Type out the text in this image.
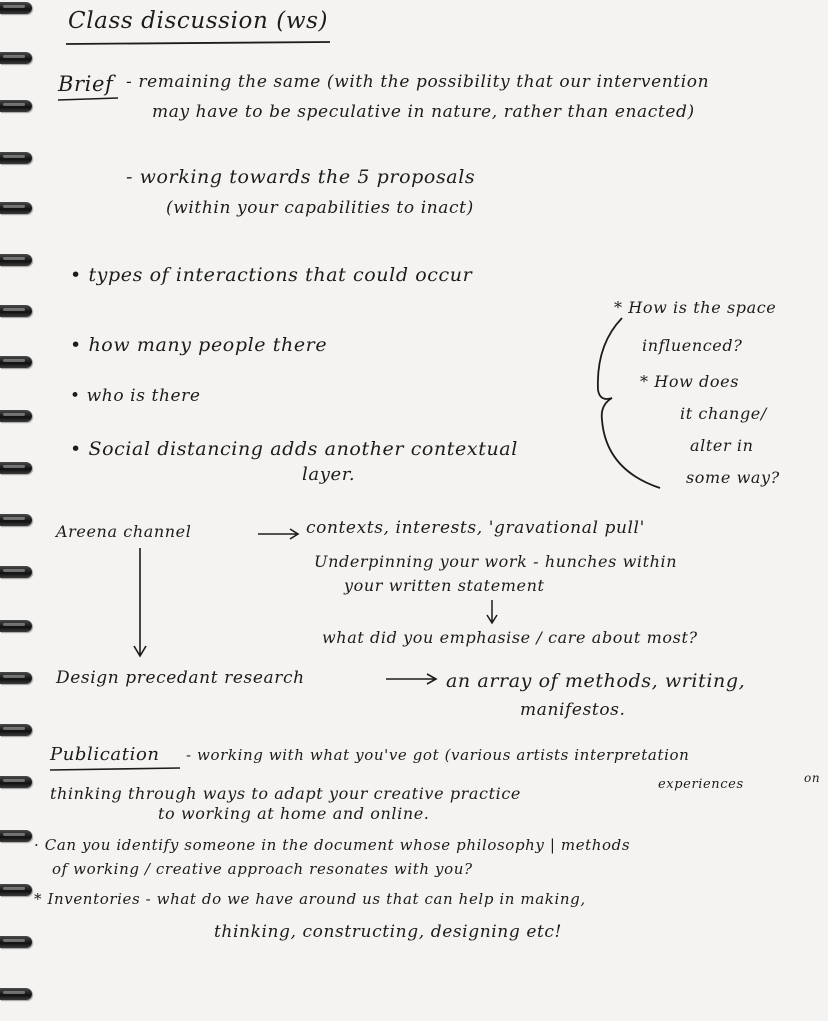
Class discussion (ws)
Brief - remaining the same (with the possibility that our intervention
may have to be speculative in nature, rather than enacted)
- working towards the 5 proposals
(within your capabilities to inact)
• types of interactions that could occur
• how many people there
• who is there
• Social distancing adds another contextual
layer.
* How is the space
influenced?
* How does
it change/
alter in
some way?
Areena channel	contexts, interests, 'gravational pull'
Underpinning your work - hunches within
your written statement
what did you emphasise / care about most?
Design precedant research	an array of methods, writing,
manifestos.
Publication - working with what you've got (various artists interpretation
on
experiences
thinking through ways to adapt your creative practice
to working at home and online.
· Can you identify someone in the document whose philosophy | methods
of working / creative approach resonates with you?
* Inventories - what do we have around us that can help in making,
thinking, constructing, designing etc!
